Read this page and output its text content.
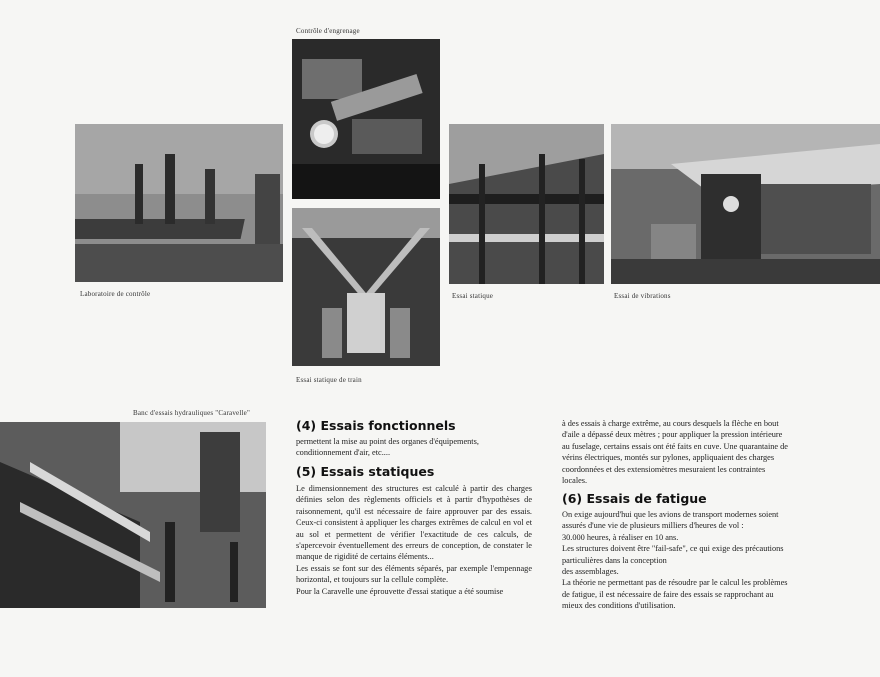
Contrôle d'engrenage
Laboratoire de contrôle
Essai statique de train
Essai statique	Essai de vibrations
Banc d'essais hydrauliques "Caravelle"
(4) Essais fonctionnels

permettent la mise au point des organes d'équipements,

conditionnement d'air, etc....

(5) Essais statiques

Le dimensionnement des structures est calculé à partir des charges définies selon des règlements officiels et à partir d'hypothèses de raisonnement, qu'il est nécessaire de faire approuver par des essais. Ceux-ci consistent à appliquer les charges extrêmes de calcul en vol et au sol et permettent de vérifier l'exactitude de ces calculs, de s'apercevoir éventuellement des erreurs de conception, de constater le manque de rigidité de certains éléments...

Les essais se font sur des éléments séparés, par exemple l'empennage horizontal, et toujours sur la cellule complète.

Pour la Caravelle une éprouvette d'essai statique a été soumise

à des essais à charge extrême, au cours desquels la flèche en bout d'aile a dépassé deux mètres ; pour appliquer la pression intérieure au fuselage, certains essais ont été faits en cuve. Une quarantaine de vérins électriques, montés sur pylones, appliquaient des charges coordonnées et des extensiomètres mesuraient les contraintes locales.

(6) Essais de fatigue

On exige aujourd'hui que les avions de transport modernes soient assurés d'une vie de plusieurs milliers d'heures de vol :

30.000 heures, à réaliser en 10 ans.

Les structures doivent être "fail-safe", ce qui exige des précautions particulières dans la conception

des assemblages.

La théorie ne permettant pas de résoudre par le calcul les problèmes de fatigue, il est nécessaire de faire des essais se rapprochant au mieux des conditions d'utilisation.
